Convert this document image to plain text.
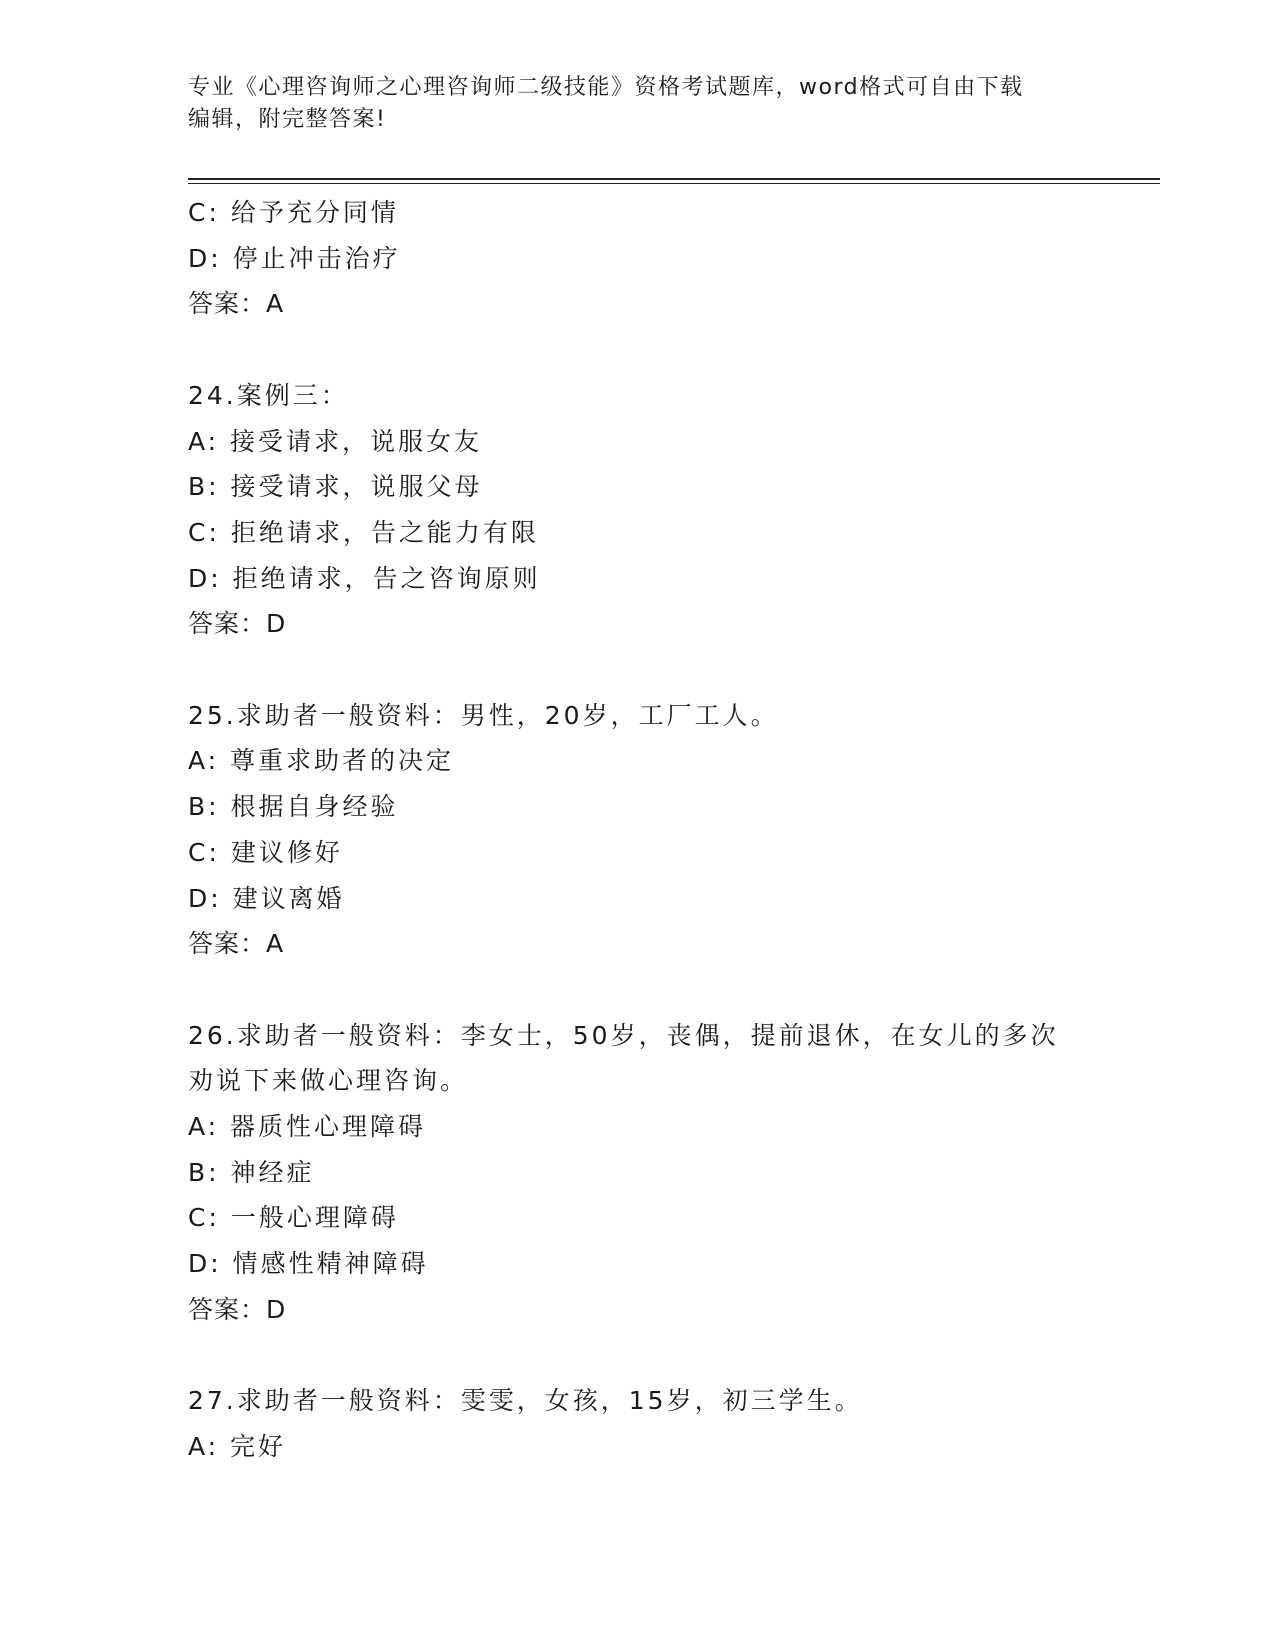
专业《心理咨询师之心理咨询师二级技能》资格考试题库，word格式可自由下载

编辑，附完整答案!

C: 给予充分同情

D: 停止冲击治疗

答案：A

24.案例三：

A: 接受请求，说服女友

B: 接受请求，说服父母

C: 拒绝请求，告之能力有限

D: 拒绝请求，告之咨询原则

答案：D

25.求助者一般资料：男性，20岁，工厂工人。

A: 尊重求助者的决定

B: 根据自身经验

C: 建议修好

D: 建议离婚

答案：A

26.求助者一般资料：李女士，50岁，丧偶，提前退休，在女儿的多次

劝说下来做心理咨询。

A: 器质性心理障碍

B: 神经症

C: 一般心理障碍

D: 情感性精神障碍

答案：D

27.求助者一般资料：雯雯，女孩，15岁，初三学生。

A: 完好
